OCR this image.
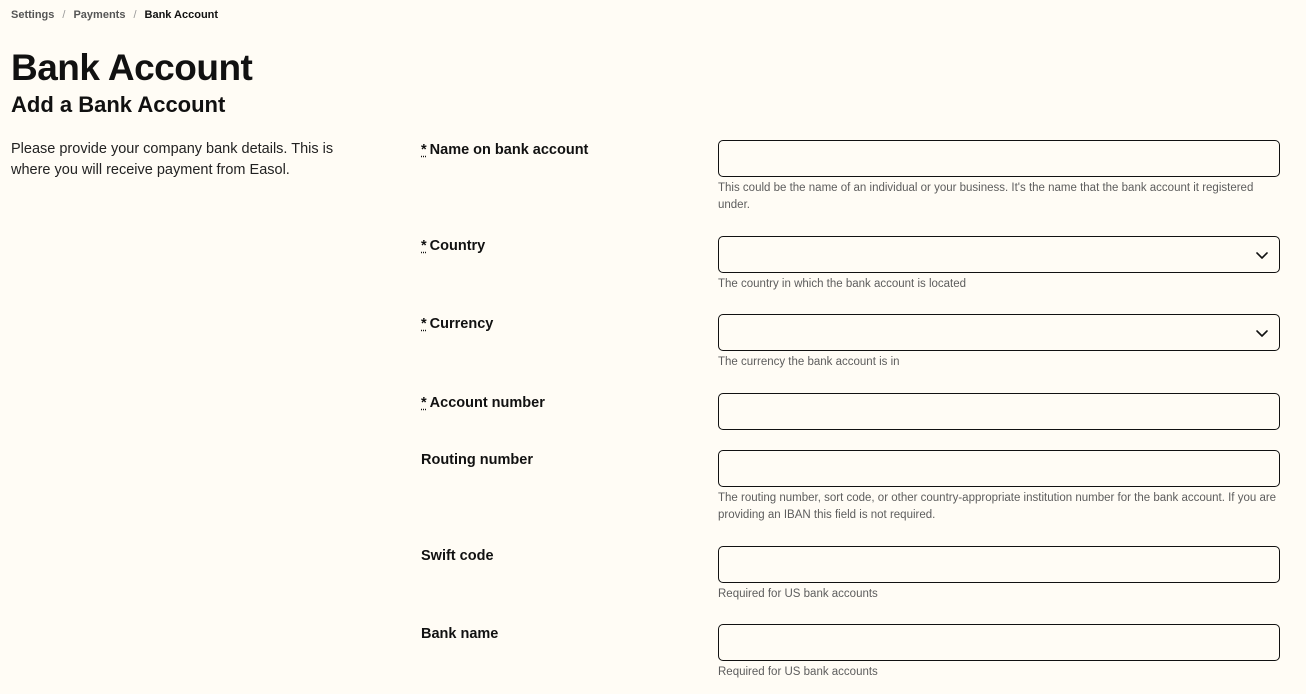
Settings / Payments / Bank Account
Bank Account
Add a Bank Account

Please provide your company bank details. This is where you will receive payment from Easol.

* Name on bank account
This could be the name of an individual or your business. It's the name that the bank account it registered under.
* Country
The country in which the bank account is located
* Currency
The currency the bank account is in
* Account number
Routing number
The routing number, sort code, or other country-appropriate institution number for the bank account. If you are providing an IBAN this field is not required.
Swift code
Required for US bank accounts
Bank name
Required for US bank accounts
